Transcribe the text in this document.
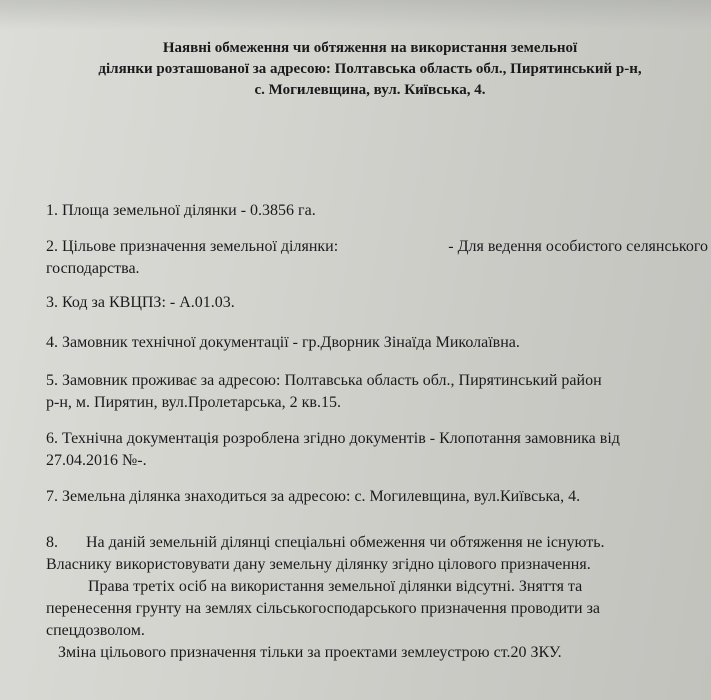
Наявні обмеження чи обтяження на використання земельної
ділянки розташованої за адресою: Полтавська область обл., Пирятинський р-н,
с. Могилевщина, вул. Київська, 4.
1. Площа земельної ділянки - 0.3856 га.
2. Цільове призначення земельної ділянки:	- Для ведення особистого селянського
господарства.
3. Код за КВЦПЗ: - А.01.03.
4. Замовник технічної документації - гр.Дворник Зінаїда Миколаївна.
5. Замовник проживає за адресою: Полтавська область обл., Пирятинський район
р-н, м. Пирятин, вул.Пролетарська, 2 кв.15.
6. Технічна документація розроблена згідно документів - Клопотання замовника від
27.04.2016 №-.
7. Земельна ділянка знаходиться за адресою: с. Могилевщина, вул.Київська, 4.
8. На даній земельній ділянці спеціальні обмеження чи обтяження не існують.
Власнику використовувати дану земельну ділянку згідно цілового призначення.
Права третіх осіб на використання земельної ділянки відсутні. Зняття та
перенесення грунту на землях сільськогосподарського призначення проводити за
спецдозволом.
Зміна цільового призначення тільки за проектами землеустрою ст.20 ЗКУ.
